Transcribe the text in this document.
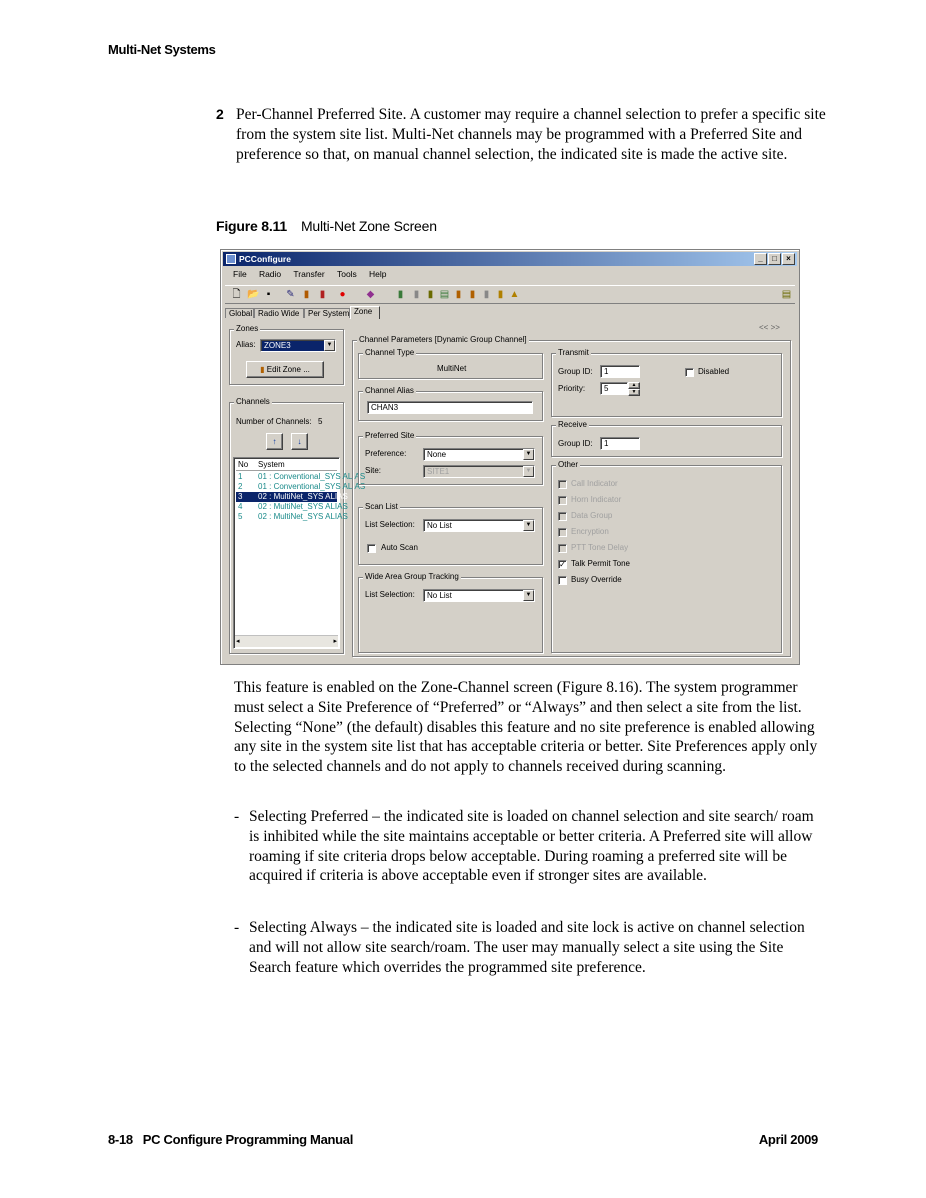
Multi-Net Systems
2 Per-Channel Preferred Site. A customer may require a channel selection to prefer a specific site from the system site list. Multi-Net channels may be programmed with a Preferred Site and preference so that, on manual channel selection, the indicated site is made the active site.
Figure 8.11 Multi-Net Zone Screen
PCConfigure	_ □ ×
File Radio Transfer Tools Help
🗋 📂 ▪	✎ ▮ ▮ ● ◆ ▮ ▮ ▮ ▤ ▮ ▮ ▮ ▮ ▲	▤
Global Radio Wide	Per System Zone
<< >>
Zones
Alias:	ZONE3	▼
▮ Edit Zone ...
Channels
Number of Channels: 5
↑	↓
No System
1 01 : Conventional_SYS ALIAS
2 01 : Conventional_SYS ALIAS
3 02 : MultiNet_SYS ALIAS
4 02 : MultiNet_SYS ALIAS
5 02 : MultiNet_SYS ALIAS
◂	▸
Channel Parameters [Dynamic Group Channel]
Channel Type
MultiNet
Channel Alias
CHAN3
Preferred Site
Preference:	None	▼
Site:	SITE1	▼
Scan List
List Selection:	No List	▼
Auto Scan
Wide Area Group Tracking
List Selection:	No List	▼
Transmit
Group ID:	1
Priority:	5	▲
▼
Disabled
Receive
Group ID:	1
Other
Call Indicator
Horn Indicator
Data Group
Encryption
PTT Tone Delay
✓ Talk Permit Tone
Busy Override
This feature is enabled on the Zone-Channel screen (Figure 8.16). The system programmer must select a Site Preference of “Preferred” or “Always” and then select a site from the list. Selecting “None” (the default) disables this feature and no site preference is enabled allowing any site in the system site list that has acceptable criteria or better. Site Preferences apply only to the selected channels and do not apply to channels received during scanning.
- Selecting Preferred – the indicated site is loaded on channel selection and site search/ roam is inhibited while the site maintains acceptable or better criteria. A Preferred site will allow roaming if site criteria drops below acceptable. During roaming a preferred site will be acquired if criteria is above acceptable even if stronger sites are available.
- Selecting Always – the indicated site is loaded and site lock is active on channel selection and will not allow site search/roam. The user may manually select a site using the Site Search feature which overrides the programmed site preference.
8-18 PC Configure Programming Manual	April 2009
